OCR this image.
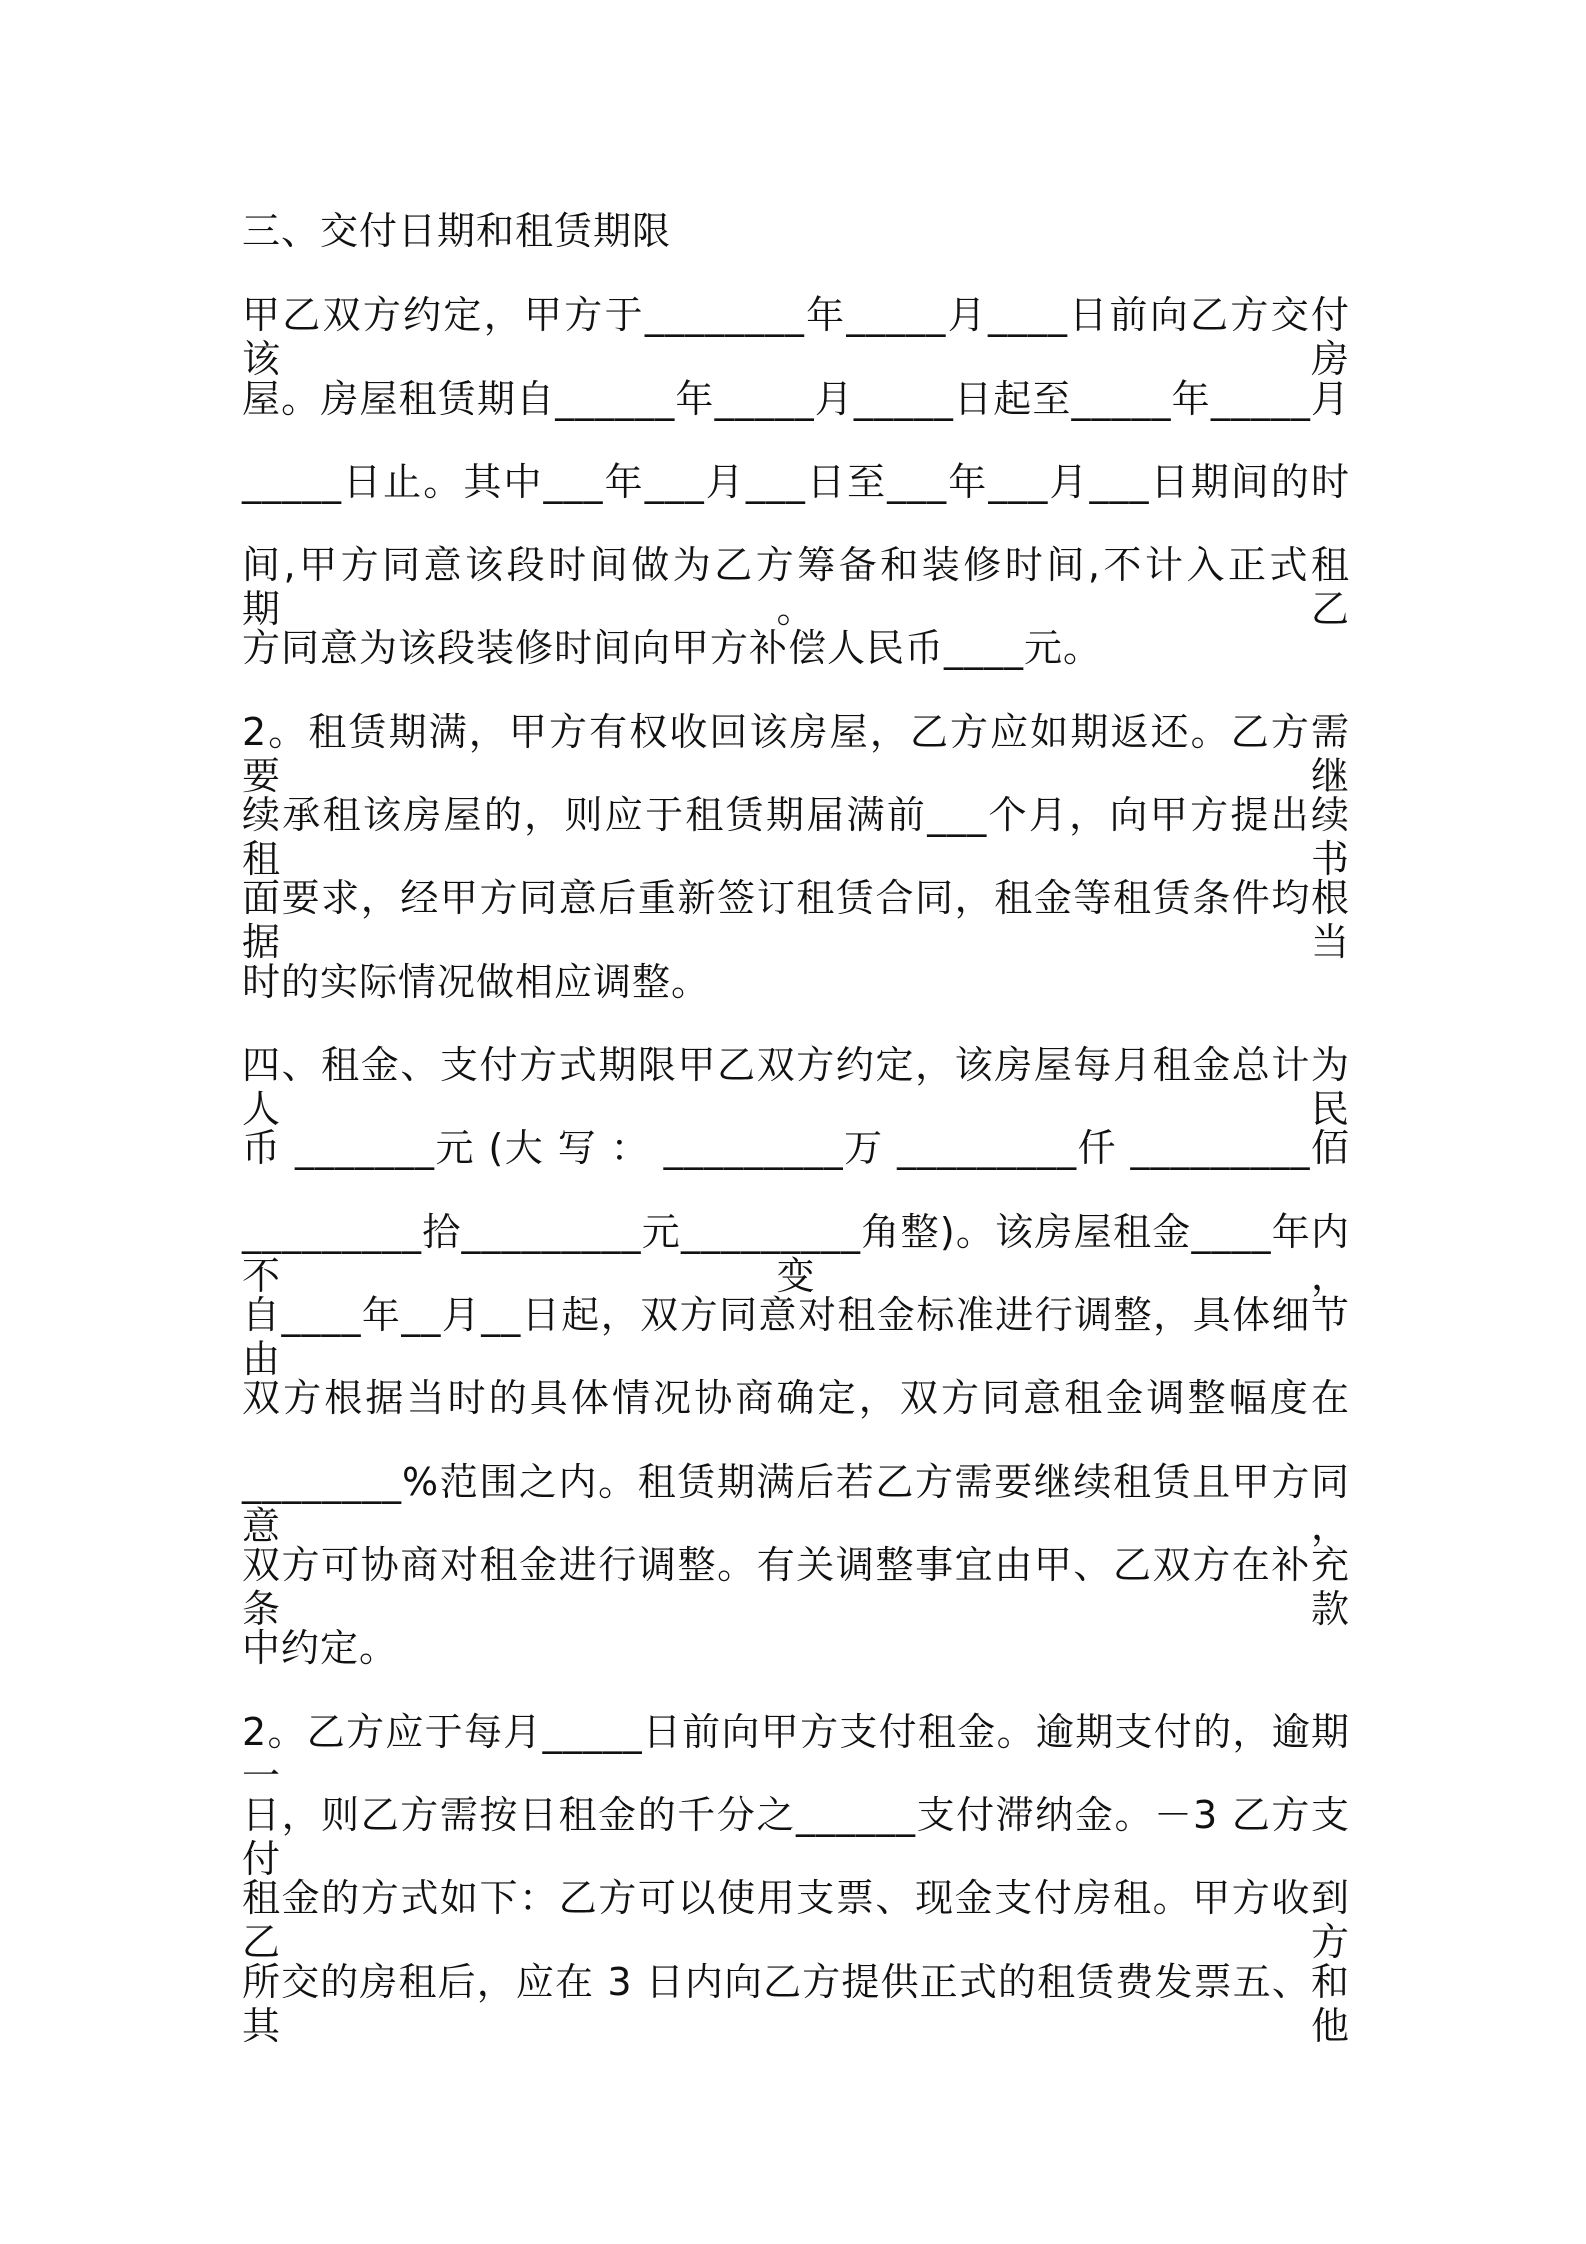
三、交付日期和租赁期限
甲乙双方约定，甲方于________年_____月____日前向乙方交付该房
屋。房屋租赁期自______年_____月_____日起至_____年_____月
_____日止。其中___年___月___日至___年___月___日期间的时
间,甲方同意该段时间做为乙方筹备和装修时间,不计入正式租期。乙
方同意为该段装修时间向甲方补偿人民币____元。
2。租赁期满，甲方有权收回该房屋，乙方应如期返还。乙方需要继
续承租该房屋的，则应于租赁期届满前___个月，向甲方提出续租书
面要求，经甲方同意后重新签订租赁合同，租金等租赁条件均根据当
时的实际情况做相应调整。
四、租金、支付方式期限甲乙双方约定，该房屋每月租金总计为人民
币 _______元 (大 写 ： _________万 _________仟 _________佰
_________拾_________元_________角整)。该房屋租金____年内不变，
自____年__月__日起，双方同意对租金标准进行调整，具体细节由
双方根据当时的具体情况协商确定，双方同意租金调整幅度在
________%范围之内。租赁期满后若乙方需要继续租赁且甲方同意，
双方可协商对租金进行调整。有关调整事宜由甲、乙双方在补充条款
中约定。
2。乙方应于每月_____日前向甲方支付租金。逾期支付的，逾期一
日，则乙方需按日租金的千分之______支付滞纳金。－3 乙方支付
租金的方式如下：乙方可以使用支票、现金支付房租。甲方收到乙方
所交的房租后，应在 3 日内向乙方提供正式的租赁费发票五、和其他
